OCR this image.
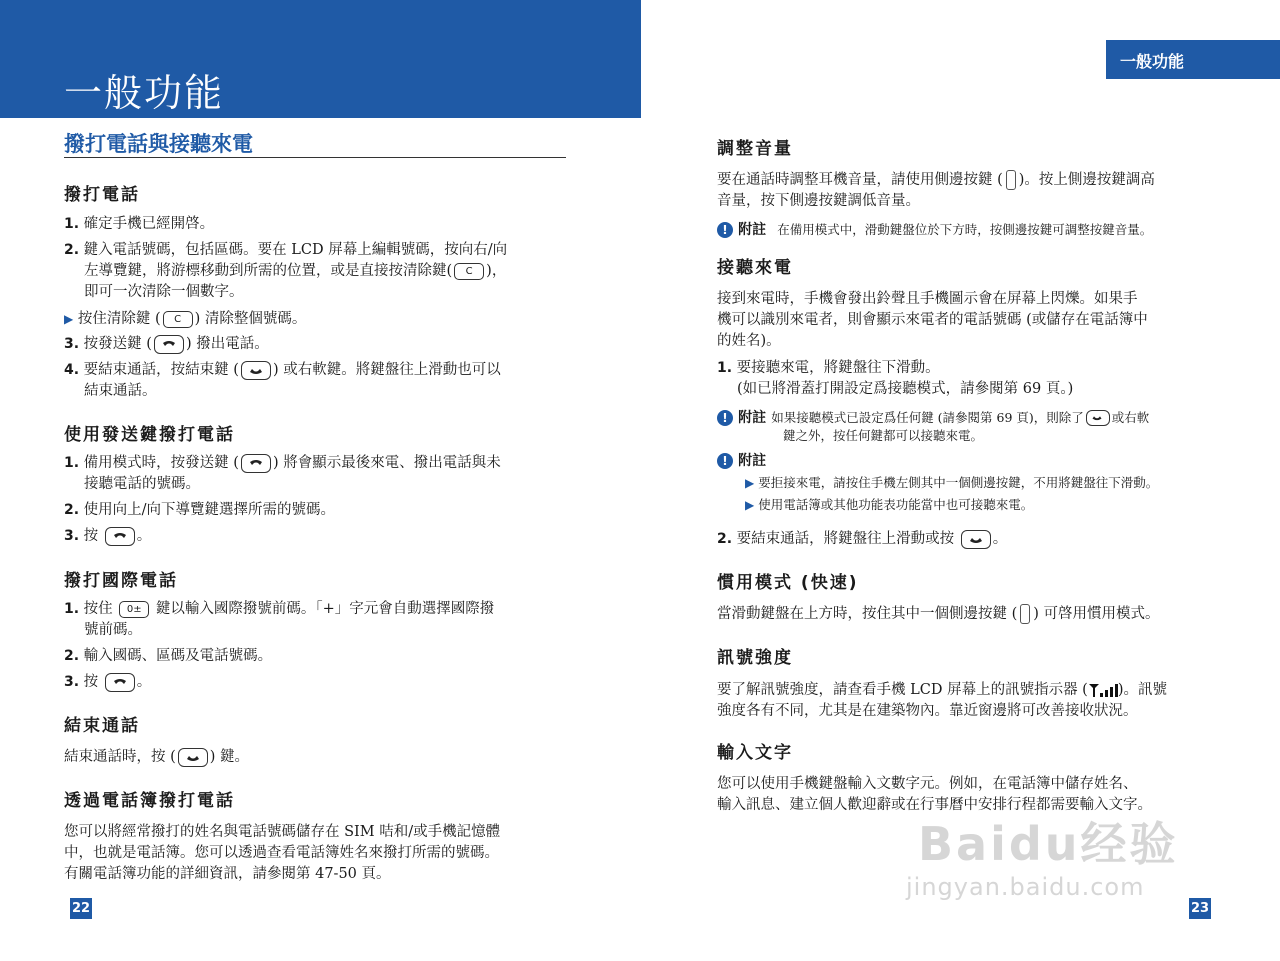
一般功能
一般功能
撥打電話與接聽來電
撥打電話
1. 確定手機已經開啓。
2. 鍵入電話號碼，包括區碼。要在 LCD 屏幕上編輯號碼，按向右/向
左導覽鍵，將游標移動到所需的位置，或是直接按清除鍵( C )，
即可一次清除一個數字。
▶ 按住清除鍵 ( C ) 清除整個號碼。
3. 按發送鍵 ( ) 撥出電話。
4. 要結束通話，按結束鍵 ( ) 或右軟鍵。將鍵盤往上滑動也可以
結束通話。
使用發送鍵撥打電話
1. 備用模式時，按發送鍵 ( ) 將會顯示最後來電、撥出電話與未
接聽電話的號碼。
2. 使用向上/向下導覽鍵選擇所需的號碼。
3. 按	。
撥打國際電話
1. 按住 0± 鍵以輸入國際撥號前碼。「+」字元會自動選擇國際撥
號前碼。
2. 輸入國碼、區碼及電話號碼。
3. 按	。
結束通話
結束通話時，按 ( ) 鍵。
透過電話簿撥打電話
您可以將經常撥打的姓名與電話號碼儲存在 SIM 咭和/或手機記憶體
中，也就是電話簿。您可以透過查看電話簿姓名來撥打所需的號碼。
有關電話簿功能的詳細資訊，請參閱第 47-50 頁。
22
調整音量
要在通話時調整耳機音量，請使用側邊按鍵 ( )。按上側邊按鍵調高
音量，按下側邊按鍵調低音量。
! 附註 在備用模式中，滑動鍵盤位於下方時，按側邊按鍵可調整按鍵音量。
接聽來電
接到來電時，手機會發出鈴聲且手機圖示會在屏幕上閃爍。如果手
機可以識別來電者，則會顯示來電者的電話號碼 (或儲存在電話簿中
的姓名)。
1. 要接聽來電，將鍵盤往下滑動。
(如已將滑蓋打開設定爲接聽模式，請參閱第 69 頁。)
! 附註 如果接聽模式已設定爲任何鍵 (請參閱第 69 頁)，則除了 或右軟
鍵之外，按任何鍵都可以接聽來電。
! 附註
▶ 要拒接來電，請按住手機左側其中一個側邊按鍵，不用將鍵盤往下滑動。
▶ 使用電話簿或其他功能表功能當中也可接聽來電。
2. 要結束通話，將鍵盤往上滑動或按	。
慣用模式 (快速)
當滑動鍵盤在上方時，按住其中一個側邊按鍵 ( ) 可啓用慣用模式。
訊號強度
要了解訊號強度，請查看手機 LCD 屏幕上的訊號指示器 ( )。訊號
強度各有不同，尤其是在建築物內。靠近窗邊將可改善接收狀況。
輸入文字
您可以使用手機鍵盤輸入文數字元。例如，在電話簿中儲存姓名、
輸入訊息、建立個人歡迎辭或在行事曆中安排行程都需要輸入文字。
Baidu经验
jingyan.baidu.com
23
